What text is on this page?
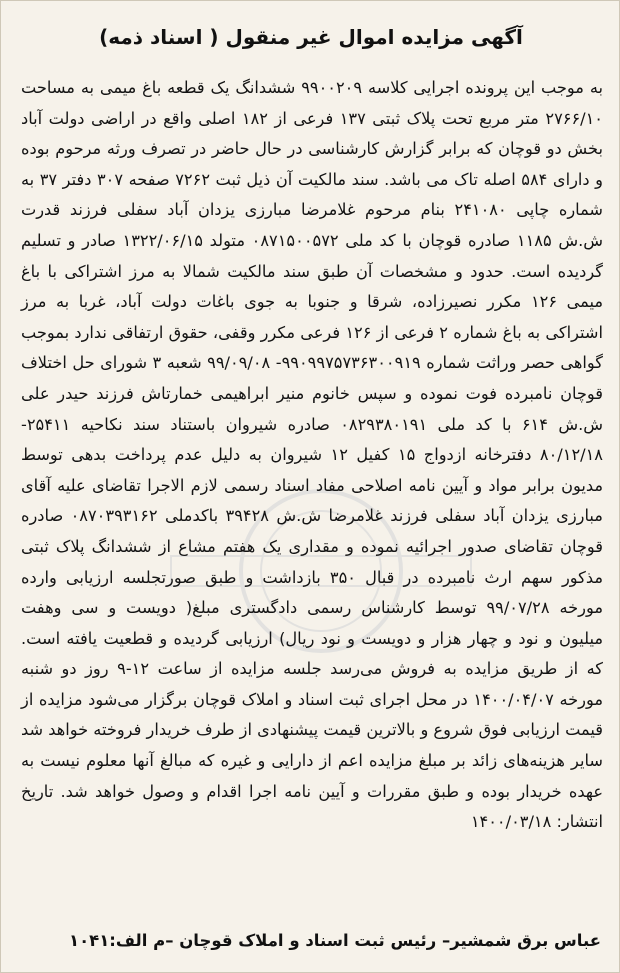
آگهی مزایده اموال غیر منقول ( اسناد ذمه)

به موجب این پرونده اجرایی کلاسه ۹۹۰۰۲۰۹ ششدانگ یک قطعه باغ میمی به مساحت ۲۷۶۶/۱۰ متر مربع تحت پلاک ثبتی ۱۳۷ فرعی از ۱۸۲ اصلی واقع در اراضی دولت آباد بخش دو قوچان که برابر گزارش کارشناسی در حال حاضر در تصرف ورثه مرحوم بوده و دارای ۵۸۴ اصله تاک می باشد. سند مالکیت آن ذیل ثبت ۷۲۶۲ صفحه ۳۰۷ دفتر ۳۷ به شماره چاپی ۲۴۱۰۸۰ بنام مرحوم غلامرضا مبارزی یزدان آباد سفلی فرزند قدرت ش.ش ۱۱۸۵ صادره قوچان با کد ملی ۰۸۷۱۵۰۰۵۷۲ متولد ۱۳۲۲/۰۶/۱۵ صادر و تسلیم گردیده است. حدود و مشخصات آن طبق سند مالکیت شمالا به مرز اشتراکی با باغ میمی ۱۲۶ مکرر نصیرزاده، شرقا و جنوبا به جوی باغات دولت آباد، غربا به مرز اشتراکی به باغ شماره ۲ فرعی از ۱۲۶ فرعی مکرر وقفی، حقوق ارتفاقی ندارد بموجب گواهی حصر وراثت شماره ۹۹۰۹۹۷۵۷۳۶۳۰۰۹۱۹- ۹۹/۰۹/۰۸ شعبه ۳ شورای حل اختلاف قوچان نامبرده فوت نموده و سپس خانوم منیر ابراهیمی خمارتاش فرزند حیدر علی ش.ش ۶۱۴ با کد ملی ۰۸۲۹۳۸۰۱۹۱ صادره شیروان باستناد سند نکاحیه ۲۵۴۱۱- ۸۰/۱۲/۱۸ دفترخانه ازدواج ۱۵ کفیل ۱۲ شیروان به دلیل عدم پرداخت بدهی توسط مدیون برابر مواد و آیین نامه اصلاحی مفاد اسناد رسمی لازم الاجرا تقاضای علیه آقای مبارزی یزدان آباد سفلی فرزند غلامرضا ش.ش ۳۹۴۲۸ باکدملی ۰۸۷۰۳۹۳۱۶۲ صادره قوچان تقاضای صدور اجرائیه نموده و مقداری یک هفتم مشاع از ششدانگ پلاک ثبتی مذکور سهم ارث نامبرده در قبال ۳۵۰ بازداشت و طبق صورتجلسه ارزیابی وارده مورخه ۹۹/۰۷/۲۸ توسط کارشناس رسمی دادگستری مبلغ( دویست و سی وهفت میلیون و نود و چهار هزار و دویست و نود ریال) ارزیابی گردیده و قطعیت یافته است. که از طریق مزایده به فروش می‌رسد جلسه مزایده از ساعت ۱۲-۹ روز دو شنبه مورخه ۱۴۰۰/۰۴/۰۷ در محل اجرای ثبت اسناد و املاک قوچان برگزار می‌شود مزایده از قیمت ارزیابی فوق شروع و بالاترین قیمت پیشنهادی از طرف خریدار فروخته خواهد شد سایر هزینه‌های زائد بر مبلغ مزایده اعم از دارایی و غیره که مبالغ آنها معلوم نیست به عهده خریدار بوده و طبق مقررات و آیین نامه اجرا اقدام و وصول خواهد شد. تاریخ انتشار: ۱۴۰۰/۰۳/۱۸

عباس برق شمشیر– رئیس ثبت اسناد و املاک قوچان –م الف:۱۰۴۱
